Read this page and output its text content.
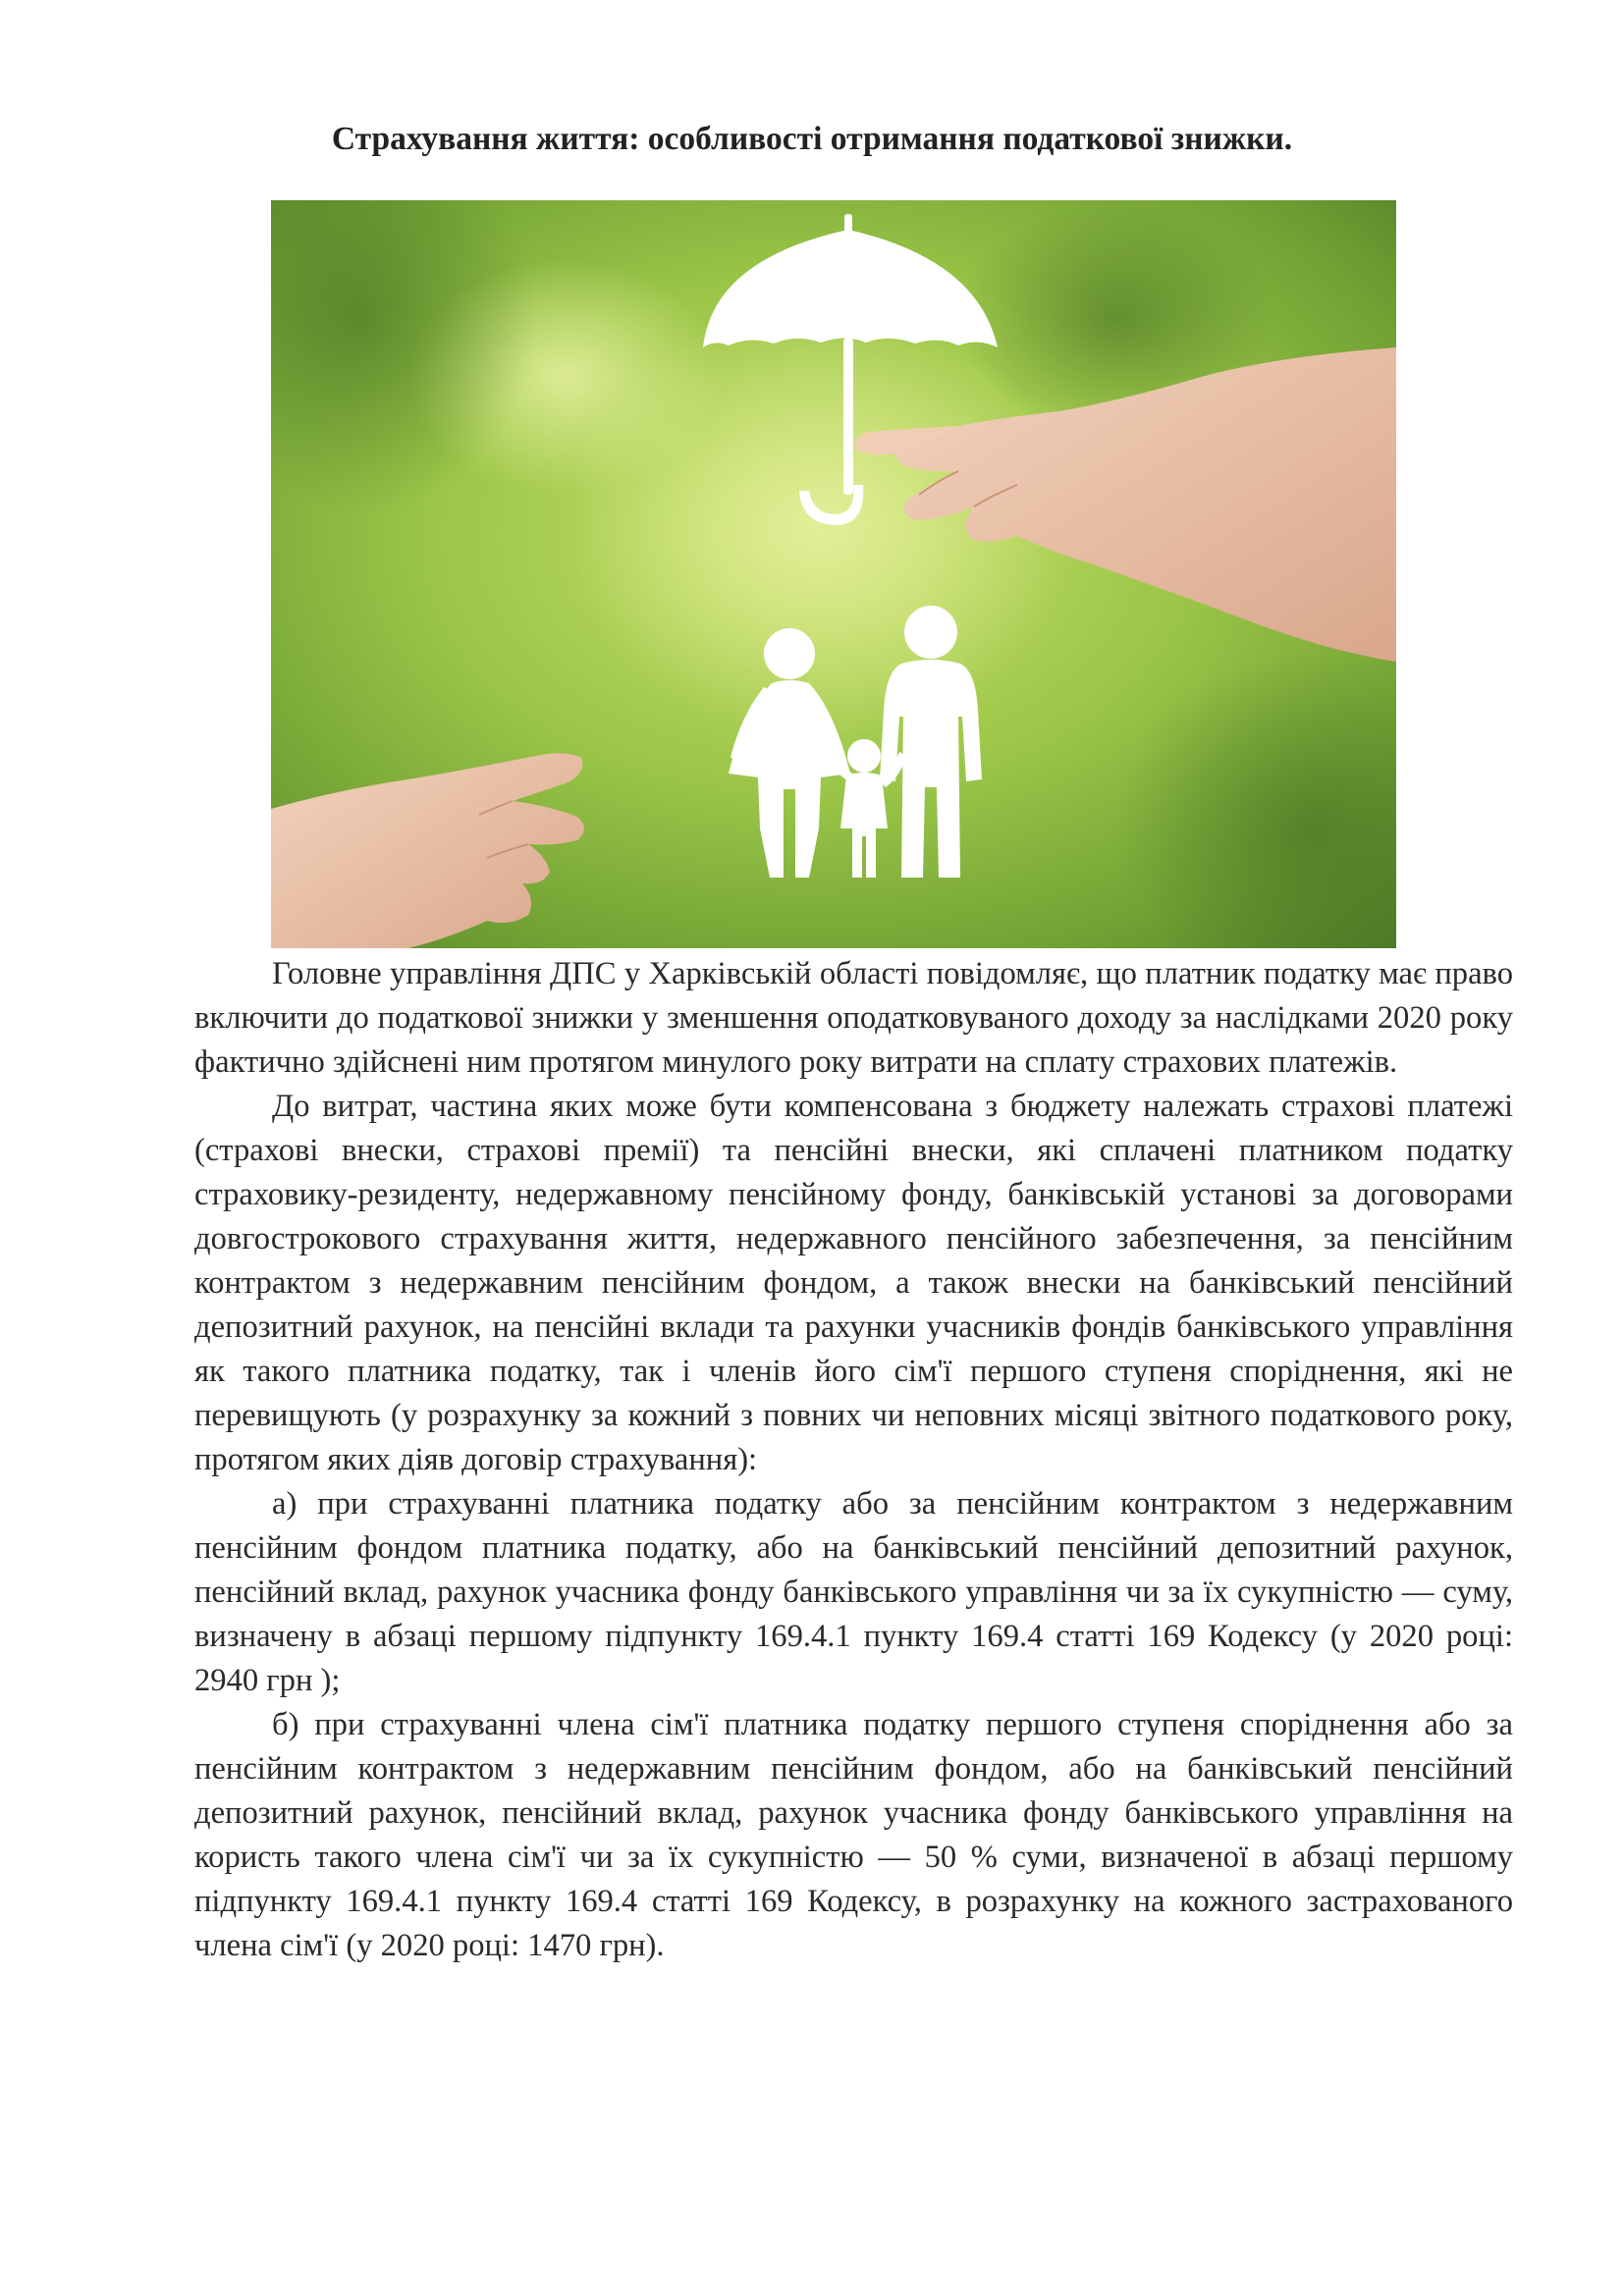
Страхування життя: особливості отримання податкової знижки.

Головне управління ДПС у Харківській області повідомляє, що платник податку має право включити до податкової знижки у зменшення оподатковуваного доходу за наслідками 2020 року фактично здійснені ним протягом минулого року витрати на сплату страхових платежів.

До витрат, частина яких може бути компенсована з бюджету належать страхові платежі (страхові внески, страхові премії) та пенсійні внески, які сплачені платником податку страховику-резиденту, недержавному пенсійному фонду, банківській установі за договорами довгострокового страхування життя, недержавного пенсійного забезпечення, за пенсійним контрактом з недержавним пенсійним фондом, а також внески на банківський пенсійний депозитний рахунок, на пенсійні вклади та рахунки учасників фондів банківського управління як такого платника податку, так і членів його сім'ї першого ступеня споріднення, які не перевищують (у розрахунку за кожний з повних чи неповних місяці звітного податкового року, протягом яких діяв договір страхування):

а) при страхуванні платника податку або за пенсійним контрактом з недержавним пенсійним фондом платника податку, або на банківський пенсійний депозитний рахунок, пенсійний вклад, рахунок учасника фонду банківського управління чи за їх сукупністю — суму, визначену в абзаці першому підпункту 169.4.1 пункту 169.4 статті 169 Кодексу (у 2020 році: 2940 грн );

б) при страхуванні члена сім'ї платника податку першого ступеня споріднення або за пенсійним контрактом з недержавним пенсійним фондом, або на банківський пенсійний депозитний рахунок, пенсійний вклад, рахунок учасника фонду банківського управління на користь такого члена сім'ї чи за їх сукупністю — 50 % суми, визначеної в абзаці першому підпункту 169.4.1 пункту 169.4 статті 169 Кодексу, в розрахунку на кожного застрахованого члена сім'ї (у 2020 році: 1470 грн).
